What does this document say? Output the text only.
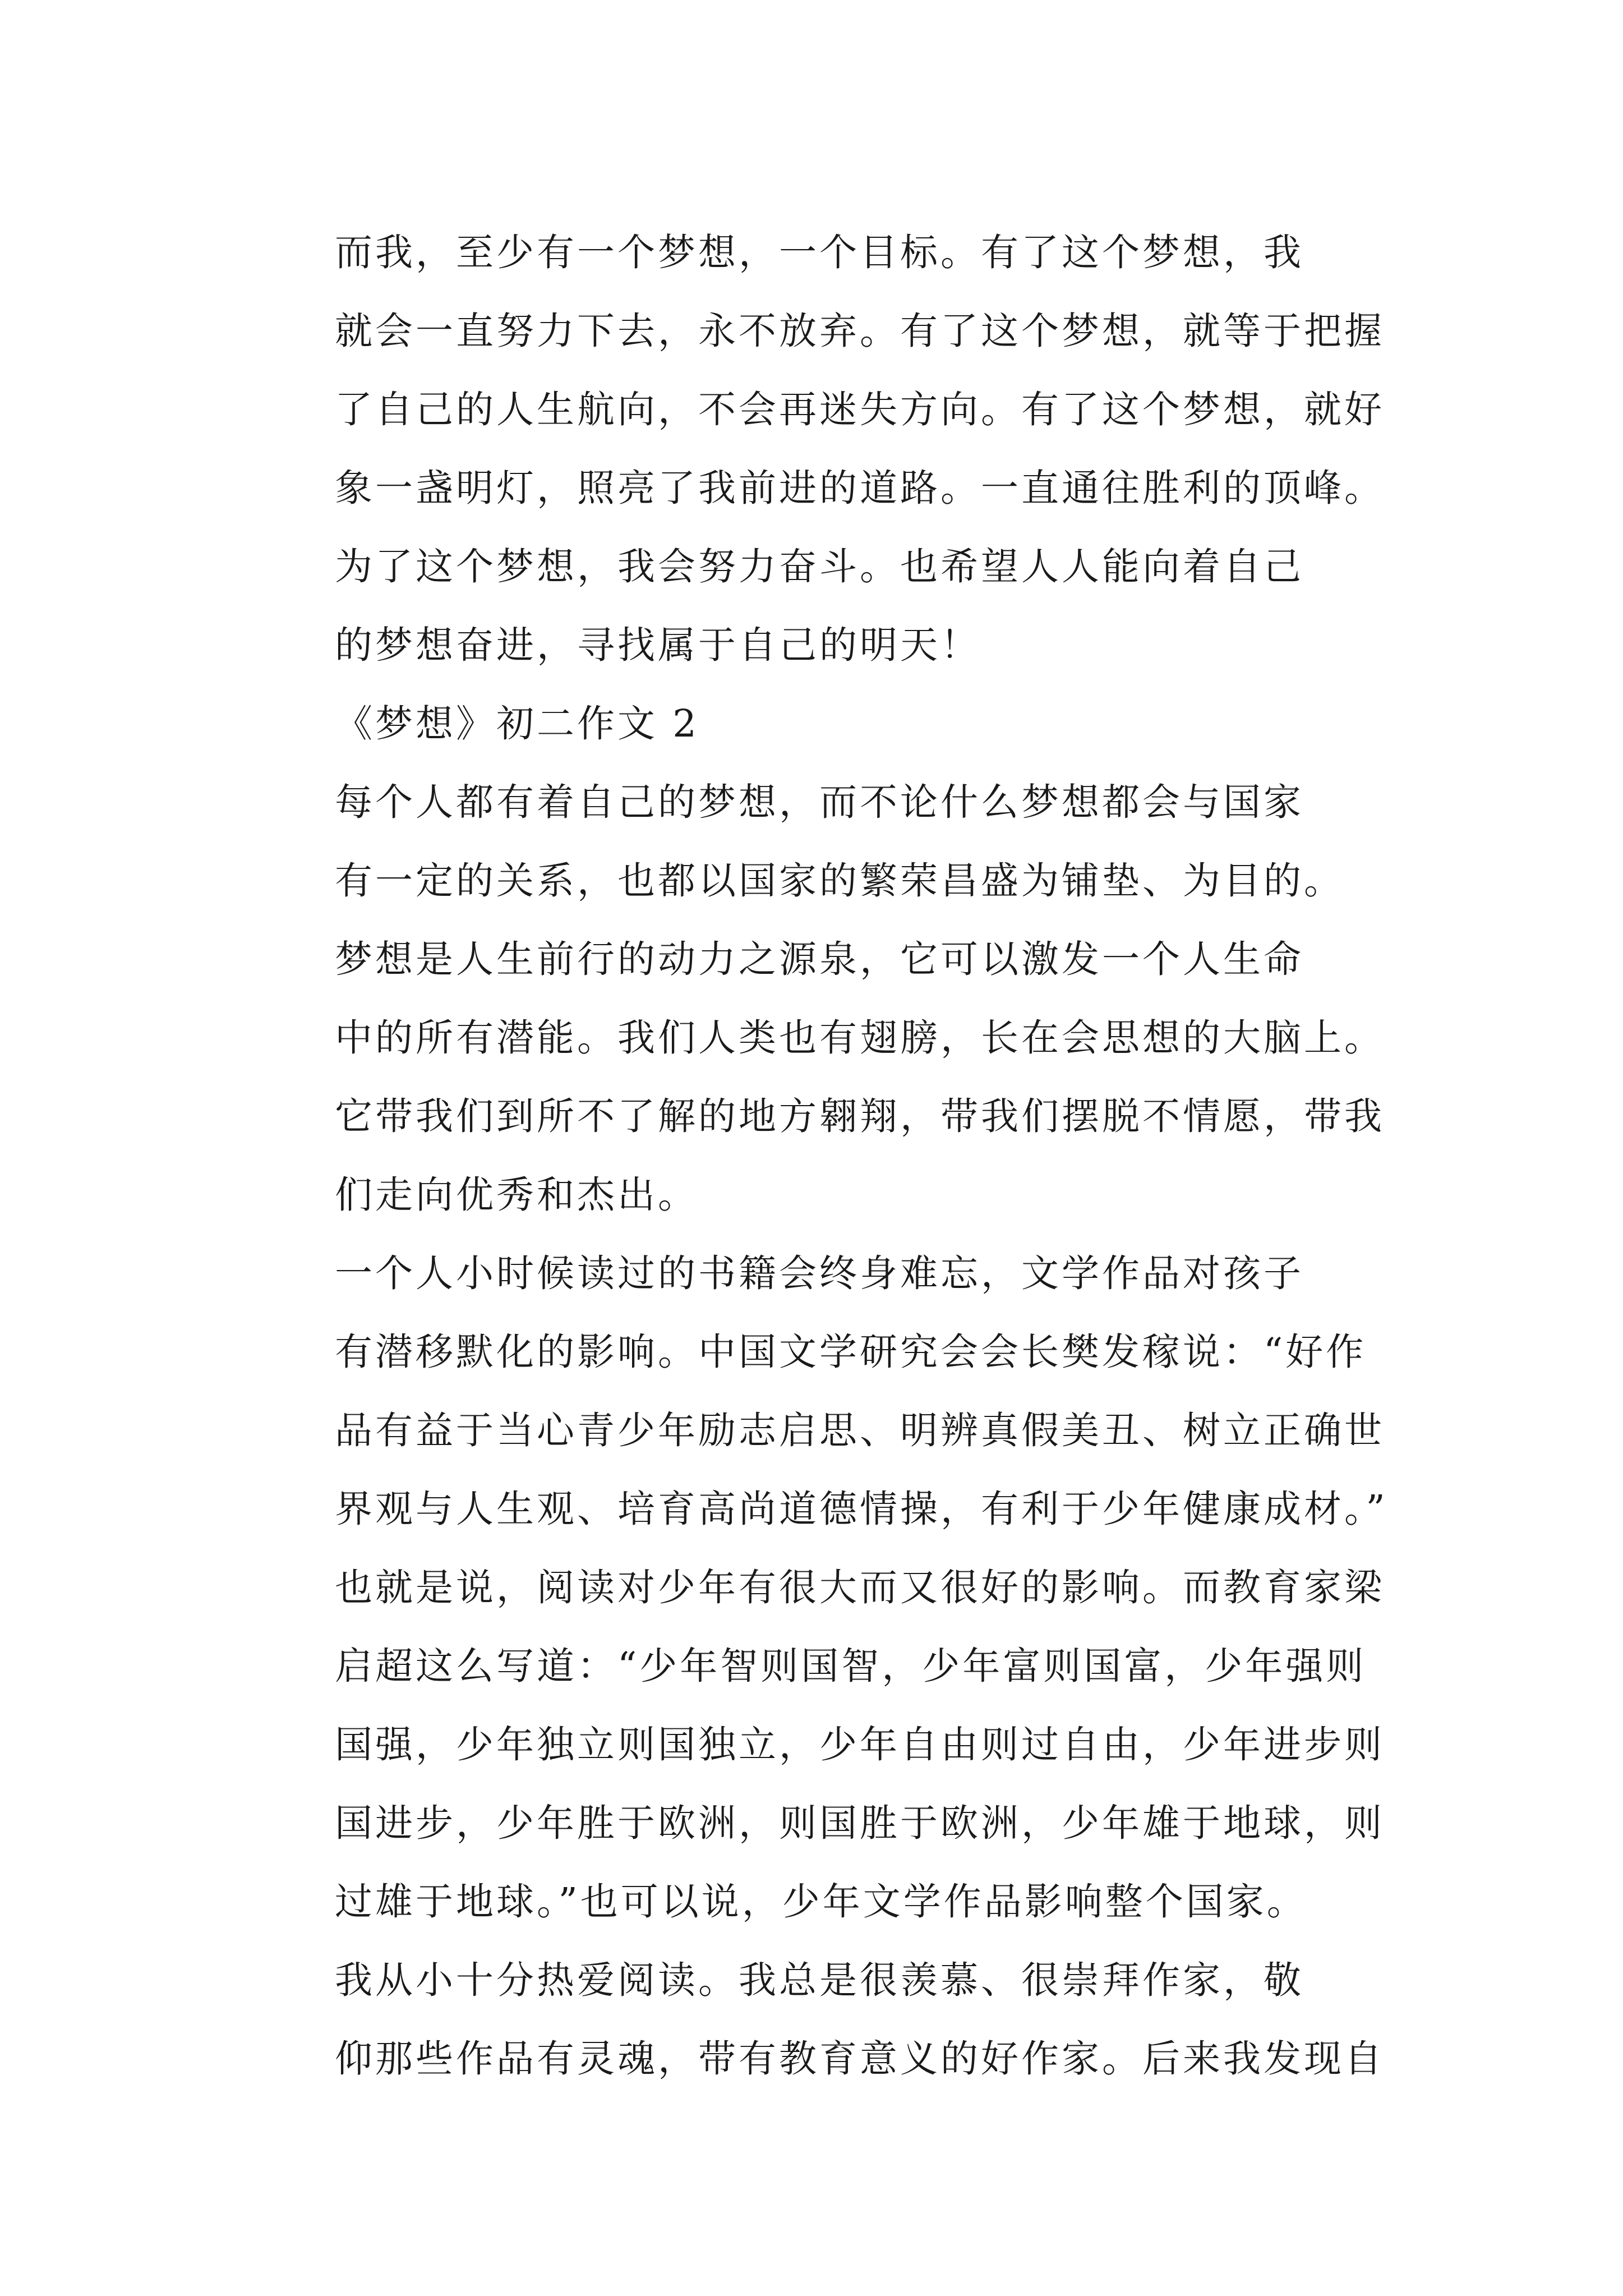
而我，至少有一个梦想，一个目标。有了这个梦想，我
就会一直努力下去，永不放弃。有了这个梦想，就等于把握
了自己的人生航向，不会再迷失方向。有了这个梦想，就好
象一盏明灯，照亮了我前进的道路。一直通往胜利的顶峰。

为了这个梦想，我会努力奋斗。也希望人人能向着自己
的梦想奋进，寻找属于自己的明天！

《梦想》初二作文 2

每个人都有着自己的梦想，而不论什么梦想都会与国家
有一定的关系，也都以国家的繁荣昌盛为铺垫、为目的。

梦想是人生前行的动力之源泉，它可以激发一个人生命
中的所有潜能。我们人类也有翅膀，长在会思想的大脑上。
它带我们到所不了解的地方翱翔，带我们摆脱不情愿，带我
们走向优秀和杰出。

一个人小时候读过的书籍会终身难忘，文学作品对孩子
有潜移默化的影响。中国文学研究会会长樊发稼说：“好作
品有益于当心青少年励志启思、明辨真假美丑、树立正确世
界观与人生观、培育高尚道德情操，有利于少年健康成材。”
也就是说，阅读对少年有很大而又很好的影响。而教育家梁
启超这么写道：“少年智则国智，少年富则国富，少年强则
国强，少年独立则国独立，少年自由则过自由，少年进步则
国进步，少年胜于欧洲，则国胜于欧洲，少年雄于地球，则
过雄于地球。”也可以说，少年文学作品影响整个国家。

我从小十分热爱阅读。我总是很羡慕、很崇拜作家，敬
仰那些作品有灵魂，带有教育意义的好作家。后来我发现自
